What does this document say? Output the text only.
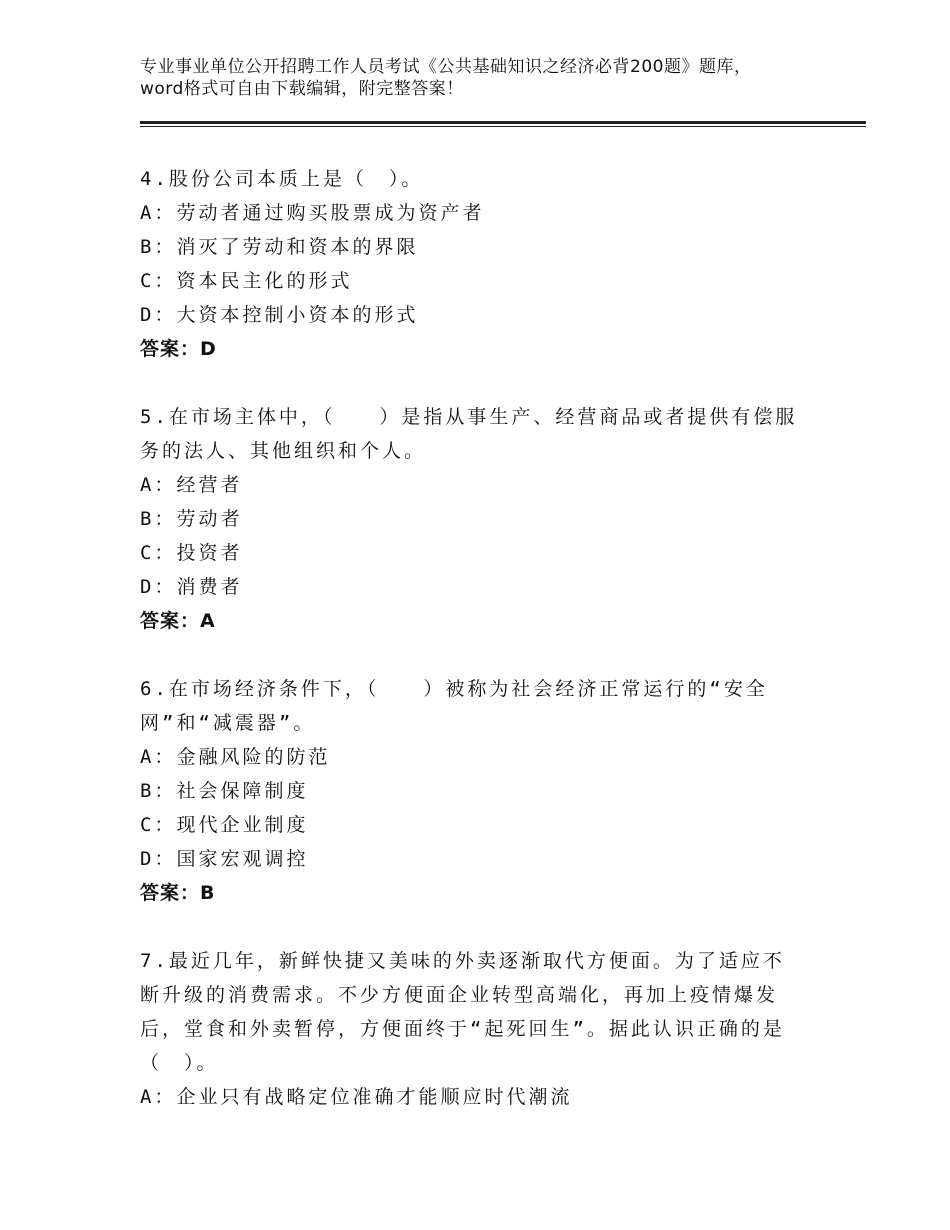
专业事业单位公开招聘工作人员考试《公共基础知识之经济必背200题》题库，word格式可自由下载编辑，附完整答案！

4.股份公司本质上是（　）。

A：劳动者通过购买股票成为资产者

B：消灭了劳动和资本的界限

C：资本民主化的形式

D：大资本控制小资本的形式

答案：D

5.在市场主体中，（　　）是指从事生产、经营商品或者提供有偿服务的法人、其他组织和个人。

A：经营者

B：劳动者

C：投资者

D：消费者

答案：A

6.在市场经济条件下，（　　）被称为社会经济正常运行的“安全网”和“减震器”。

A：金融风险的防范

B：社会保障制度

C：现代企业制度

D：国家宏观调控

答案：B

7.最近几年，新鲜快捷又美味的外卖逐渐取代方便面。为了适应不断升级的消费需求。不少方便面企业转型高端化，再加上疫情爆发后，堂食和外卖暂停，方便面终于“起死回生”。据此认识正确的是（　）。

A：企业只有战略定位准确才能顺应时代潮流
